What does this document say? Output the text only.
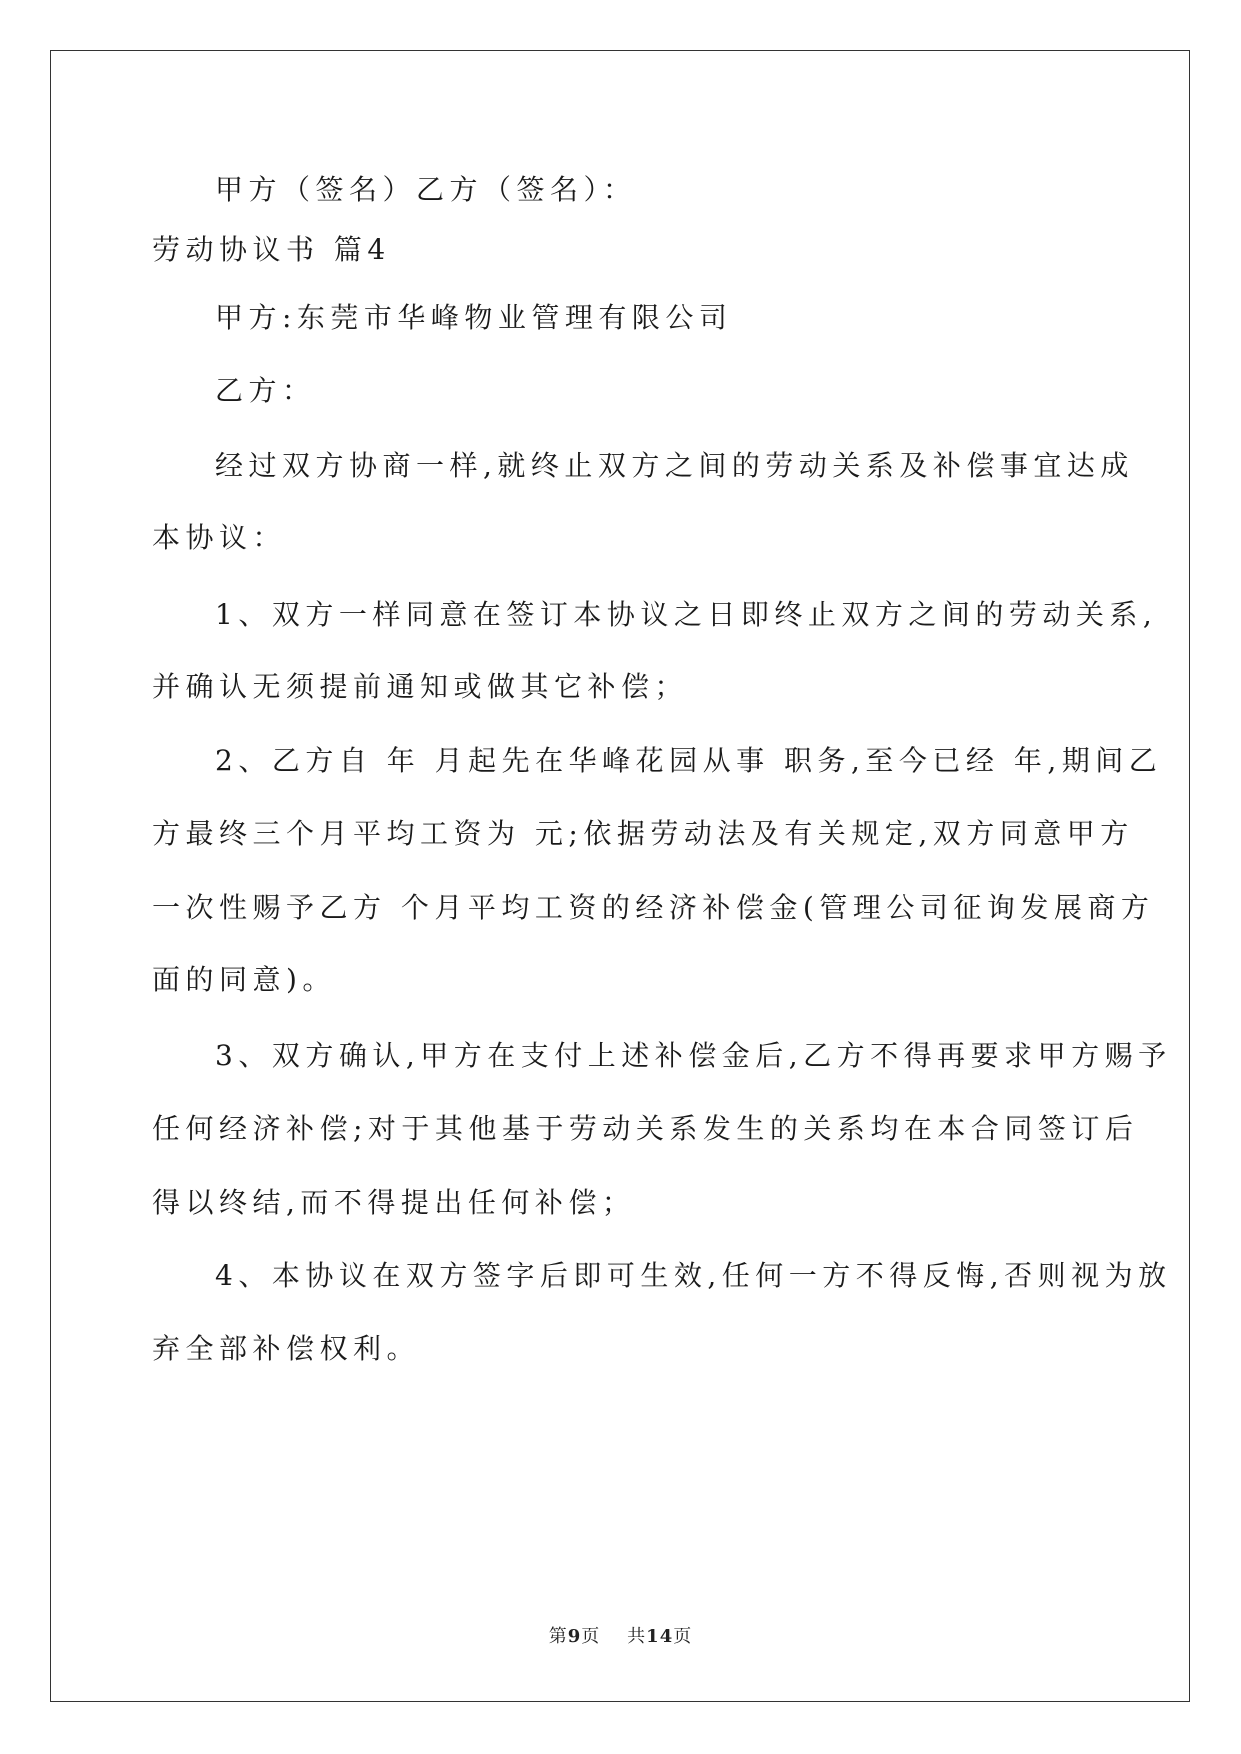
甲方（签名）乙方（签名）：
劳动协议书 篇4
甲方:东莞市华峰物业管理有限公司
乙方：
经过双方协商一样,就终止双方之间的劳动关系及补偿事宜达成
本协议：
1、双方一样同意在签订本协议之日即终止双方之间的劳动关系,
并确认无须提前通知或做其它补偿；
2、乙方自 年 月起先在华峰花园从事 职务,至今已经 年,期间乙
方最终三个月平均工资为 元;依据劳动法及有关规定,双方同意甲方
一次性赐予乙方 个月平均工资的经济补偿金(管理公司征询发展商方
面的同意)。
3、双方确认,甲方在支付上述补偿金后,乙方不得再要求甲方赐予
任何经济补偿;对于其他基于劳动关系发生的关系均在本合同签订后
得以终结,而不得提出任何补偿；
4、本协议在双方签字后即可生效,任何一方不得反悔,否则视为放
弃全部补偿权利。
第9页    共14页
